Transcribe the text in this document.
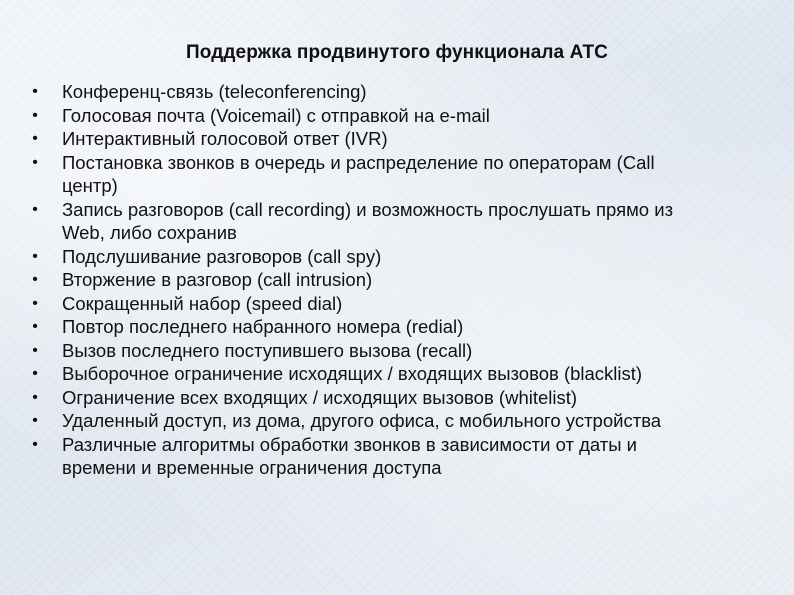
Поддержка продвинутого функционала АТС
• Конференц-связь (teleconferencing)
• Голосовая почта (Voicemail) с отправкой на e-mail
• Интерактивный голосовой ответ (IVR)
• Постановка звонков в очередь и распределение по операторам (Call
центр)
• Запись разговоров (call recording) и возможность прослушать прямо из
Web, либо сохранив
• Подслушивание разговоров (call spy)
• Вторжение в разговор (call intrusion)
• Сокращенный набор (speed dial)
• Повтор последнего набранного номера (redial)
• Вызов последнего поступившего вызова (recall)
• Выборочное ограничение исходящих / входящих вызовов (blacklist)
• Ограничение всех входящих / исходящих вызовов (whitelist)
• Удаленный доступ, из дома, другого офиса, с мобильного устройства
• Различные алгоритмы обработки звонков в зависимости от даты и
времени и временные ограничения доступа
